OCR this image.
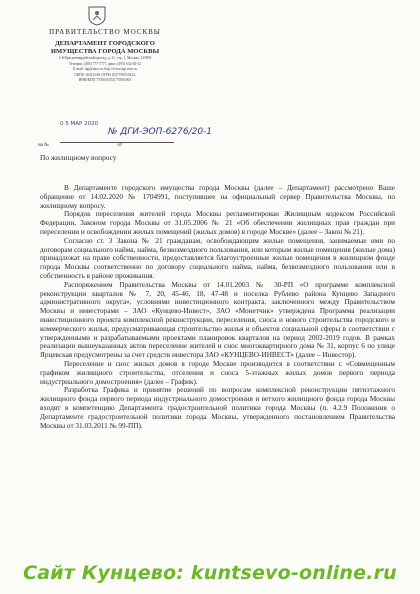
ПРАВИТЕЛЬСТВО МОСКВЫ
ДЕПАРТАМЕНТ ГОРОДСКОГО
ИМУЩЕСТВА ГОРОДА МОСКВЫ
1-й Красногвардейский проезд, д. 21, стр. 1, Москва, 125993
Телефон: (495) 777-7777, факс: (495) 632-65-52
E-mail: dgi@mos.ru, http://www.dgi.mos.ru
ОКПО 16412348, ОГРН 1037739510423,
ИНН/КПП 7705031674/770301001
0 5 МАР 2020
№ ДГИ-ЭОП-6276/20-1
на №	от
По жилищному вопросу

В Департаменте городского имущества города Москвы (далее – Департамент) рассмотрено Ваше обращение от 14.02.2020 № 1704991, поступившее на официальный сервер Правительства Москвы, по жилищному вопросу.

Порядок переселения жителей города Москвы регламентирован Жилищным кодексом Российской Федерации, Законом города Москвы от 31.05.2006 № 21 «Об обеспечении жилищных прав граждан при переселении и освобождении жилых помещений (жилых домов) в городе Москве» (далее – Закон № 21).

Согласно ст. 3 Закона № 21 гражданам, освобождающим жилые помещения, занимаемые ими по договорам социального найма, найма, безвозмездного пользования, или которым жилые помещения (жилые дома) принадлежат на праве собственности, предоставляется благоустроенные жилые помещения в жилищном фонде города Москвы соответственно по договору социального найма, найма, безвозмездного пользования или в собственность в районе проживания.

Распоряжением Правительства Москвы от 14.01.2003 № 30-РП «О программе комплексной реконструкции кварталов № 7, 20, 45-46, 18, 47-48 и поселка Рублево района Кунцево Западного административного округа», условиями инвестиционного контракта, заключенного между Правительством Москвы и инвесторами – ЗАО «Кунцево-Инвест», ЗАО «Монетчик» утверждена Программа реализации инвестиционного проекта комплексной реконструкции, переселения, сноса и нового строительства городского и коммерческого жилья, предусматривающая строительство жилья и объектов социальной сферы в соответствии с утвержденными и разрабатываемыми проектами планировок кварталов на период 2002-2019 годов. В рамках реализации вышеуказанных актов переселение жителей и снос многоквартирного дома № 31, корпус 6 по улице Ярцевская предусмотрены за счет средств инвестора ЗАО «КУНЦЕВО-ИНВЕСТ» (далее – Инвестор).

Переселение и снос жилых домов в городе Москве производится в соответствии с «Совмещенным графиком жилищного строительства, отселения и сноса 5-этажных жилых домов первого периода индустриального домостроения» (далее – График).

Разработка Графика и принятие решений по вопросам комплексной реконструкции пятиэтажного жилищного фонда первого периода индустриального домостроения и ветхого жилищного фонда города Москвы входят в компетенцию Департамента градостроительной политики города Москвы (п. 4.2.9 Положения о Департаменте градостроительной политики города Москвы, утвержденного постановлением Правительства Москвы от 31.03.2011 № 99-ПП).

Сайт Кунцево: kuntsevo-online.ru
